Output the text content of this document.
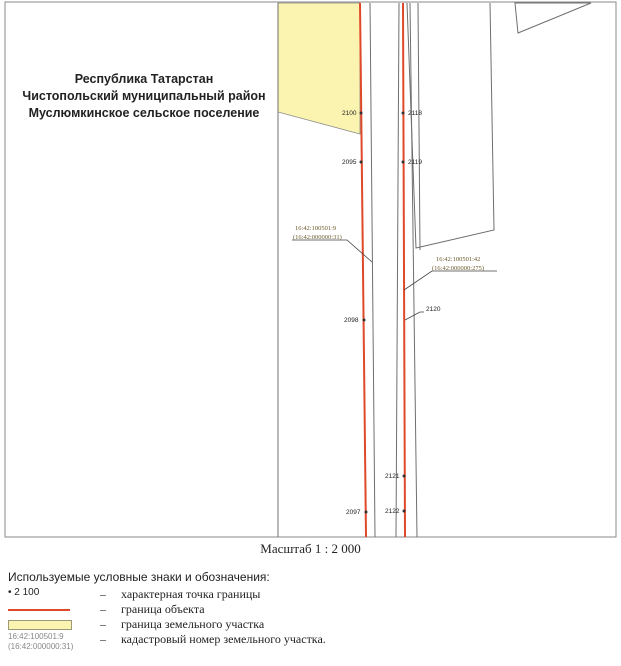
2100
2095
2098
2097
2118
2119
2120
2121
2122
16:42:100501:9
(16:42:000000:31)
16:42:100501:42
(16:42:000000:275)
Республика Татарстан
Чистопольский муниципальный район
Муслюмкинское сельское поселение
Масштаб 1 : 2 000
Используемые условные знаки и обозначения:
• 2 100	– характерная точка границы
– граница объекта
– граница земельного участка
16:42:100501:9
(16:42:000000:31)
– кадастровый номер земельного участка.
